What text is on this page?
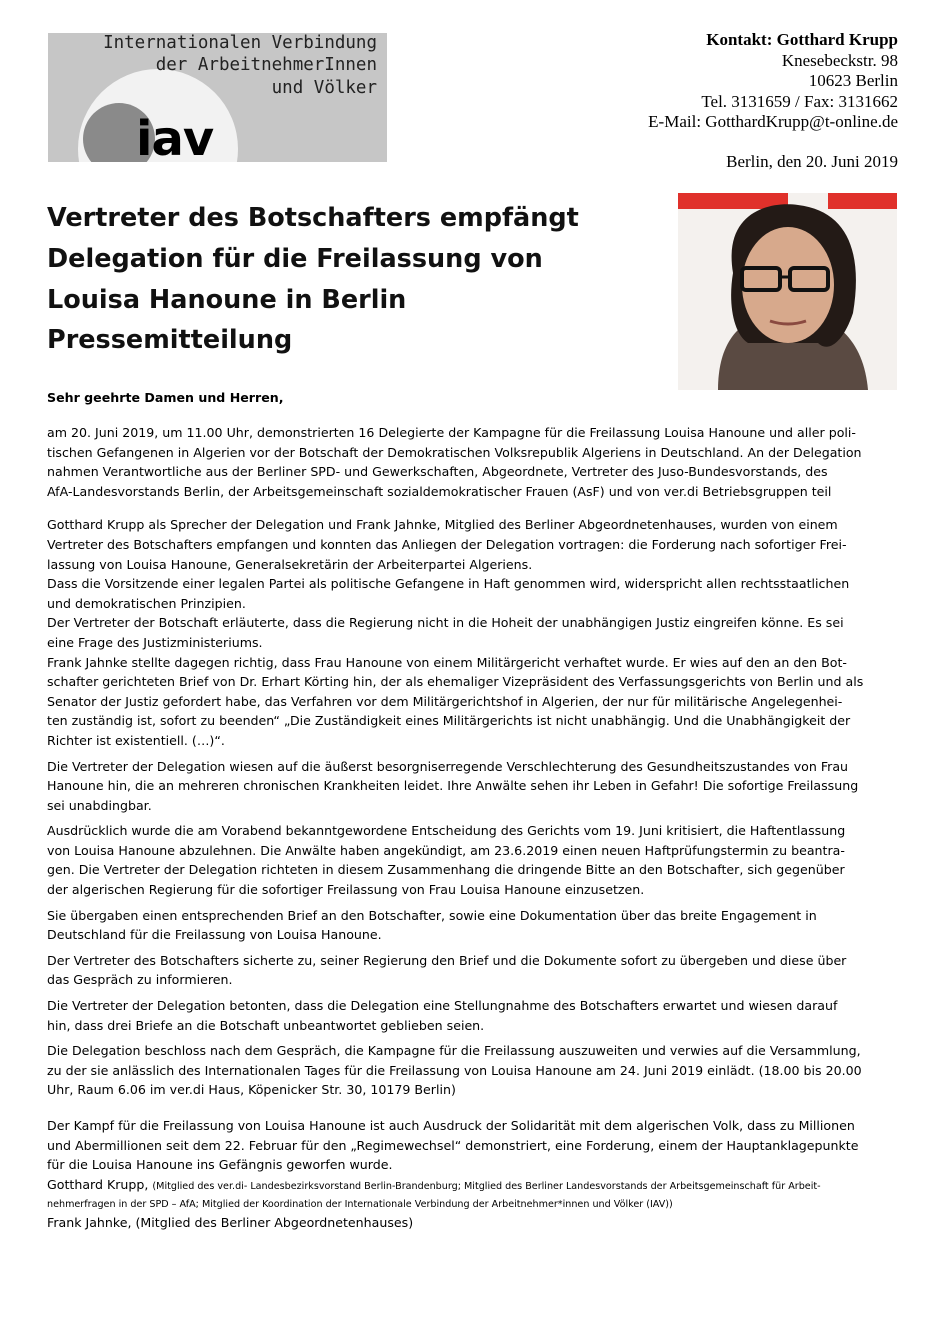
Internationalen Verbindung
der ArbeitnehmerInnen
und Völker
iav
Kontakt: Gotthard Krupp
Knesebeckstr. 98
10623 Berlin
Tel. 3131659 / Fax: 3131662
E-Mail: GotthardKrupp@t-online.de
Berlin, den 20. Juni 2019
Vertreter des Botschafters empfängt
Delegation für die Freilassung von
Louisa Hanoune in Berlin
Pressemitteilung
Sehr geehrte Damen und Herren,

am 20. Juni 2019, um 11.00 Uhr, demonstrierten 16 Delegierte der Kampagne für die Freilassung Louisa Hanoune und aller poli-
tischen Gefangenen in Algerien vor der Botschaft der Demokratischen Volksrepublik Algeriens in Deutschland. An der Delegation
nahmen Verantwortliche aus der Berliner SPD- und Gewerkschaften, Abgeordnete, Vertreter des Juso-Bundesvorstands, des
AfA-Landesvorstands Berlin, der Arbeitsgemeinschaft sozialdemokratischer Frauen (AsF) und von ver.di Betriebsgruppen teil

Gotthard Krupp als Sprecher der Delegation und Frank Jahnke, Mitglied des Berliner Abgeordnetenhauses, wurden von einem
Vertreter des Botschafters empfangen und konnten das Anliegen der Delegation vortragen: die Forderung nach sofortiger Frei-
lassung von Louisa Hanoune, Generalsekretärin der Arbeiterpartei Algeriens.
Dass die Vorsitzende einer legalen Partei als politische Gefangene in Haft genommen wird, widerspricht allen rechtsstaatlichen
und demokratischen Prinzipien.
Der Vertreter der Botschaft erläuterte, dass die Regierung nicht in die Hoheit der unabhängigen Justiz eingreifen könne. Es sei
eine Frage des Justizministeriums.
Frank Jahnke stellte dagegen richtig, dass Frau Hanoune von einem Militärgericht verhaftet wurde. Er wies auf den an den Bot-
schafter gerichteten Brief von Dr. Erhart Körting hin, der als ehemaliger Vizepräsident des Verfassungsgerichts von Berlin und als
Senator der Justiz gefordert habe, das Verfahren vor dem Militärgerichtshof in Algerien, der nur für militärische Angelegenhei-
ten zuständig ist, sofort zu beenden“ „Die Zuständigkeit eines Militärgerichts ist nicht unabhängig. Und die Unabhängigkeit der
Richter ist existentiell. (…)“.

Die Vertreter der Delegation wiesen auf die äußerst besorgniserregende Verschlechterung des Gesundheitszustandes von Frau
Hanoune hin, die an mehreren chronischen Krankheiten leidet. Ihre Anwälte sehen ihr Leben in Gefahr! Die sofortige Freilassung
sei unabdingbar.

Ausdrücklich wurde die am Vorabend bekanntgewordene Entscheidung des Gerichts vom 19. Juni kritisiert, die Haftentlassung
von Louisa Hanoune abzulehnen. Die Anwälte haben angekündigt, am 23.6.2019 einen neuen Haftprüfungstermin zu beantra-
gen. Die Vertreter der Delegation richteten in diesem Zusammenhang die dringende Bitte an den Botschafter, sich gegenüber
der algerischen Regierung für die sofortiger Freilassung von Frau Louisa Hanoune einzusetzen.

Sie übergaben einen entsprechenden Brief an den Botschafter, sowie eine Dokumentation über das breite Engagement in
Deutschland für die Freilassung von Louisa Hanoune.

Der Vertreter des Botschafters sicherte zu, seiner Regierung den Brief und die Dokumente sofort zu übergeben und diese über
das Gespräch zu informieren.

Die Vertreter der Delegation betonten, dass die Delegation eine Stellungnahme des Botschafters erwartet und wiesen darauf
hin, dass drei Briefe an die Botschaft unbeantwortet geblieben seien.

Die Delegation beschloss nach dem Gespräch, die Kampagne für die Freilassung auszuweiten und verwies auf die Versammlung,
zu der sie anlässlich des Internationalen Tages für die Freilassung von Louisa Hanoune am 24. Juni 2019 einlädt. (18.00 bis 20.00
Uhr, Raum 6.06 im ver.di Haus, Köpenicker Str. 30, 10179 Berlin)

Der Kampf für die Freilassung von Louisa Hanoune ist auch Ausdruck der Solidarität mit dem algerischen Volk, dass zu Millionen
und Abermillionen seit dem 22. Februar für den „Regimewechsel“ demonstriert, eine Forderung, einem der Hauptanklagepunkte
für die Louisa Hanoune ins Gefängnis geworfen wurde.

Gotthard Krupp, (Mitglied des ver.di- Landesbezirksvorstand Berlin-Brandenburg; Mitglied des Berliner Landesvorstands der Arbeitsgemeinschaft für Arbeit-
nehmerfragen in der SPD – AfA; Mitglied der Koordination der Internationale Verbindung der Arbeitnehmer*innen und Völker (IAV))
Frank Jahnke, (Mitglied des Berliner Abgeordnetenhauses)
